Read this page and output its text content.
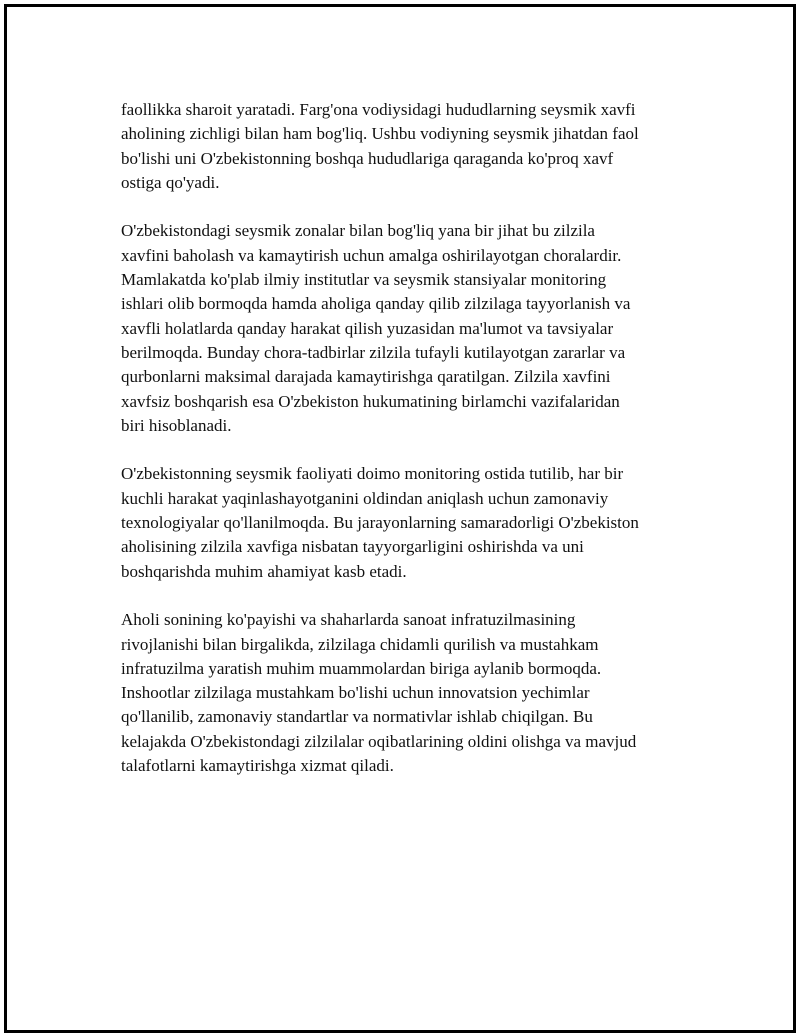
faollikka sharoit yaratadi. Farg'ona vodiysidagi hududlarning seysmik xavfi
aholining zichligi bilan ham bog'liq. Ushbu vodiyning seysmik jihatdan faol
bo'lishi uni O'zbekistonning boshqa hududlariga qaraganda ko'proq xavf
ostiga qo'yadi.

O'zbekistondagi seysmik zonalar bilan bog'liq yana bir jihat bu zilzila
xavfini baholash va kamaytirish uchun amalga oshirilayotgan choralardir.
Mamlakatda ko'plab ilmiy institutlar va seysmik stansiyalar monitoring
ishlari olib bormoqda hamda aholiga qanday qilib zilzilaga tayyorlanish va
xavfli holatlarda qanday harakat qilish yuzasidan ma'lumot va tavsiyalar
berilmoqda. Bunday chora-tadbirlar zilzila tufayli kutilayotgan zararlar va
qurbonlarni maksimal darajada kamaytirishga qaratilgan. Zilzila xavfini
xavfsiz boshqarish esa O'zbekiston hukumatining birlamchi vazifalaridan
biri hisoblanadi.

O'zbekistonning seysmik faoliyati doimo monitoring ostida tutilib, har bir
kuchli harakat yaqinlashayotganini oldindan aniqlash uchun zamonaviy
texnologiyalar qo'llanilmoqda. Bu jarayonlarning samaradorligi O'zbekiston
aholisining zilzila xavfiga nisbatan tayyorgarligini oshirishda va uni
boshqarishda muhim ahamiyat kasb etadi.

Aholi sonining ko'payishi va shaharlarda sanoat infratuzilmasining
rivojlanishi bilan birgalikda, zilzilaga chidamli qurilish va mustahkam
infratuzilma yaratish muhim muammolardan biriga aylanib bormoqda.
Inshootlar zilzilaga mustahkam bo'lishi uchun innovatsion yechimlar
qo'llanilib, zamonaviy standartlar va normativlar ishlab chiqilgan. Bu
kelajakda O'zbekistondagi zilzilalar oqibatlarining oldini olishga va mavjud
talafotlarni kamaytirishga xizmat qiladi.
